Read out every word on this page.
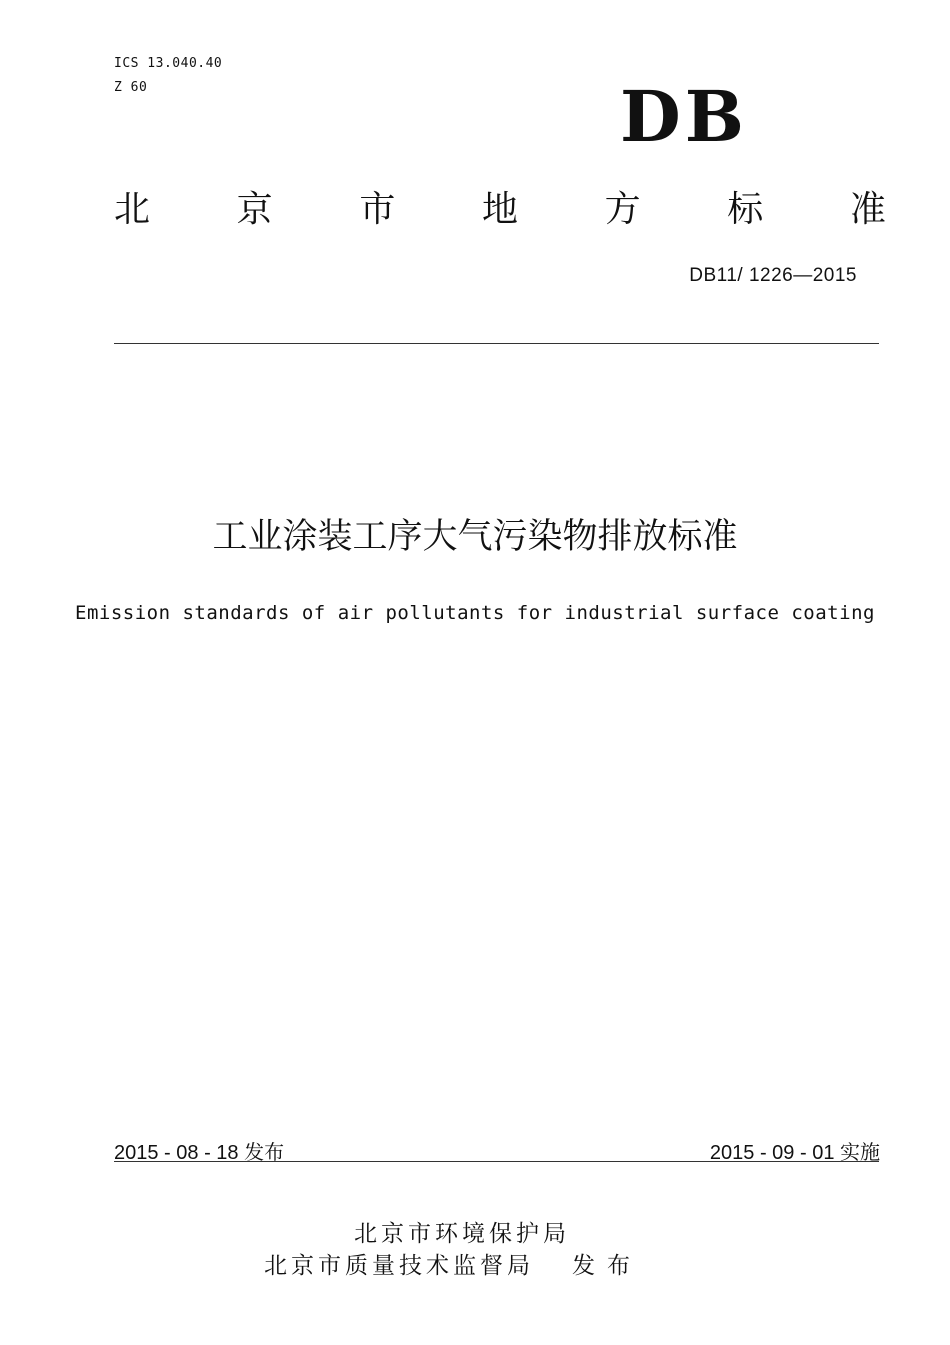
ICS 13.040.40
Z 60	DB
北 京 市 地 方 标 准
DB11/ 1226—2015
工业涂装工序大气污染物排放标准
Emission standards of air pollutants for industrial surface coating
2015 - 08 - 18 发布	2015 - 09 - 01 实施
北京市环境保护局
北京市质量技术监督局 发布
